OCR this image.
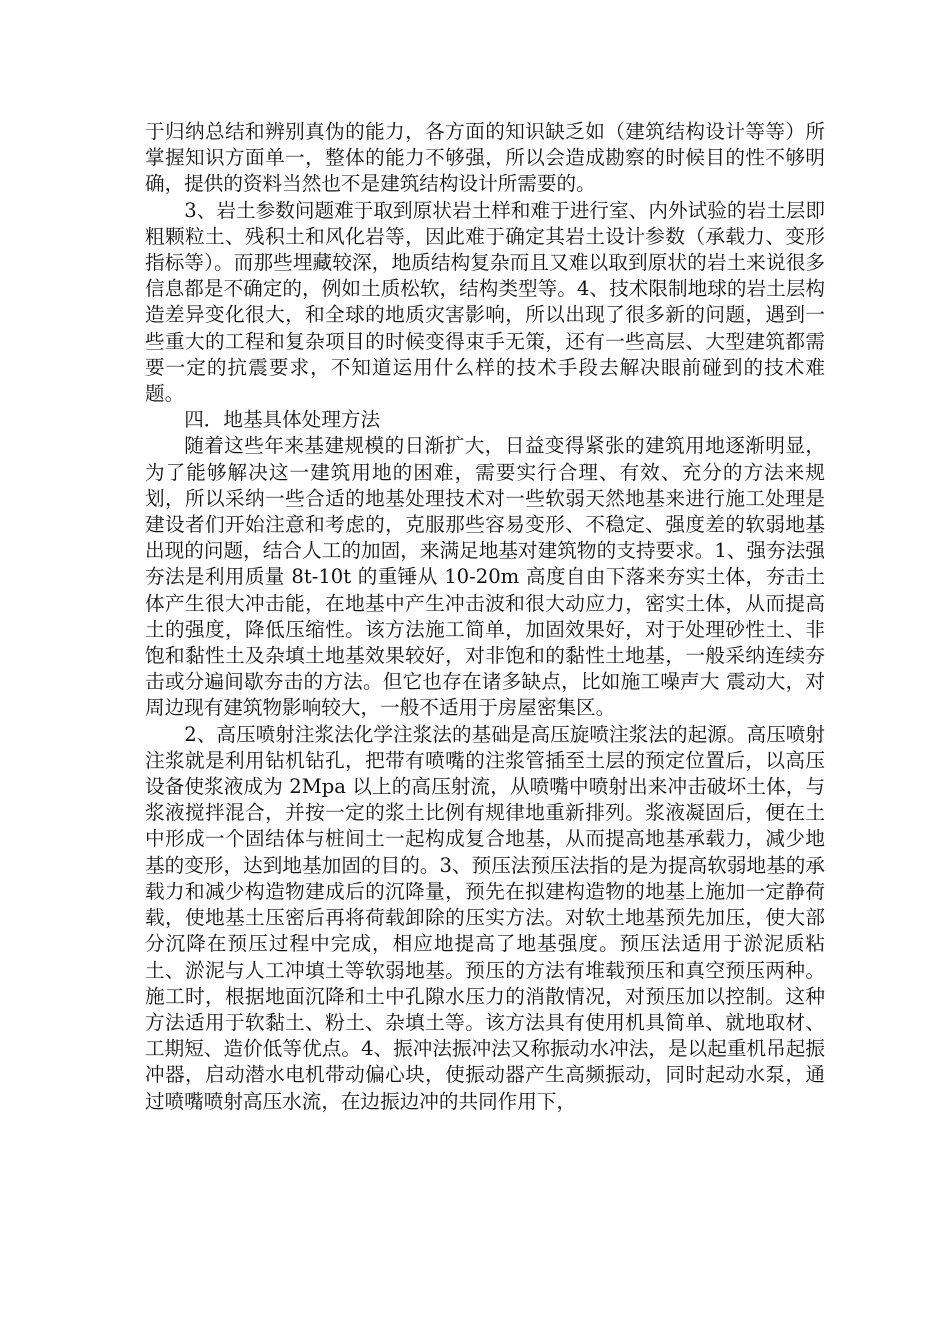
于归纳总结和辨别真伪的能力，各方面的知识缺乏如（建筑结构设计等等）所掌握知识方面单一，整体的能力不够强，所以会造成勘察的时候目的性不够明确，提供的资料当然也不是建筑结构设计所需要的。

3、岩土参数问题难于取到原状岩土样和难于进行室、内外试验的岩土层即粗颗粒土、残积土和风化岩等，因此难于确定其岩土设计参数（承载力、变形指标等）。而那些埋藏较深，地质结构复杂而且又难以取到原状的岩土来说很多信息都是不确定的，例如土质松软，结构类型等。4、技术限制地球的岩土层构造差异变化很大，和全球的地质灾害影响，所以出现了很多新的问题，遇到一些重大的工程和复杂项目的时候变得束手无策，还有一些高层、大型建筑都需要一定的抗震要求，不知道运用什么样的技术手段去解决眼前碰到的技术难题。

四．地基具体处理方法

随着这些年来基建规模的日渐扩大，日益变得紧张的建筑用地逐渐明显，为了能够解决这一建筑用地的困难，需要实行合理、有效、充分的方法来规划，所以采纳一些合适的地基处理技术对一些软弱天然地基来进行施工处理是建设者们开始注意和考虑的，克服那些容易变形、不稳定、强度差的软弱地基出现的问题，结合人工的加固，来满足地基对建筑物的支持要求。1、强夯法强夯法是利用质量 8t-10t 的重锤从 10-20m 高度自由下落来夯实土体，夯击土体产生很大冲击能，在地基中产生冲击波和很大动应力，密实土体，从而提高土的强度，降低压缩性。该方法施工简单，加固效果好，对于处理砂性土、非饱和黏性土及杂填土地基效果较好，对非饱和的黏性土地基，一般采纳连续夯击或分遍间歇夯击的方法。但它也存在诸多缺点，比如施工噪声大 震动大，对周边现有建筑物影响较大，一般不适用于房屋密集区。

2、高压喷射注浆法化学注浆法的基础是高压旋喷注浆法的起源。高压喷射注浆就是利用钻机钻孔，把带有喷嘴的注浆管插至土层的预定位置后，以高压设备使浆液成为 2Mpa 以上的高压射流，从喷嘴中喷射出来冲击破坏土体，与浆液搅拌混合，并按一定的浆土比例有规律地重新排列。浆液凝固后，便在土中形成一个固结体与桩间土一起构成复合地基，从而提高地基承载力，减少地基的变形，达到地基加固的目的。3、预压法预压法指的是为提高软弱地基的承载力和减少构造物建成后的沉降量，预先在拟建构造物的地基上施加一定静荷载，使地基土压密后再将荷载卸除的压实方法。对软土地基预先加压，使大部分沉降在预压过程中完成，相应地提高了地基强度。预压法适用于淤泥质粘土、淤泥与人工冲填土等软弱地基。预压的方法有堆载预压和真空预压两种。施工时，根据地面沉降和土中孔隙水压力的消散情况，对预压加以控制。这种方法适用于软黏土、粉土、杂填土等。该方法具有使用机具简单、就地取材、工期短、造价低等优点。4、振冲法振冲法又称振动水冲法，是以起重机吊起振冲器，启动潜水电机带动偏心块，使振动器产生高频振动，同时起动水泵，通过喷嘴喷射高压水流，在边振边冲的共同作用下，
